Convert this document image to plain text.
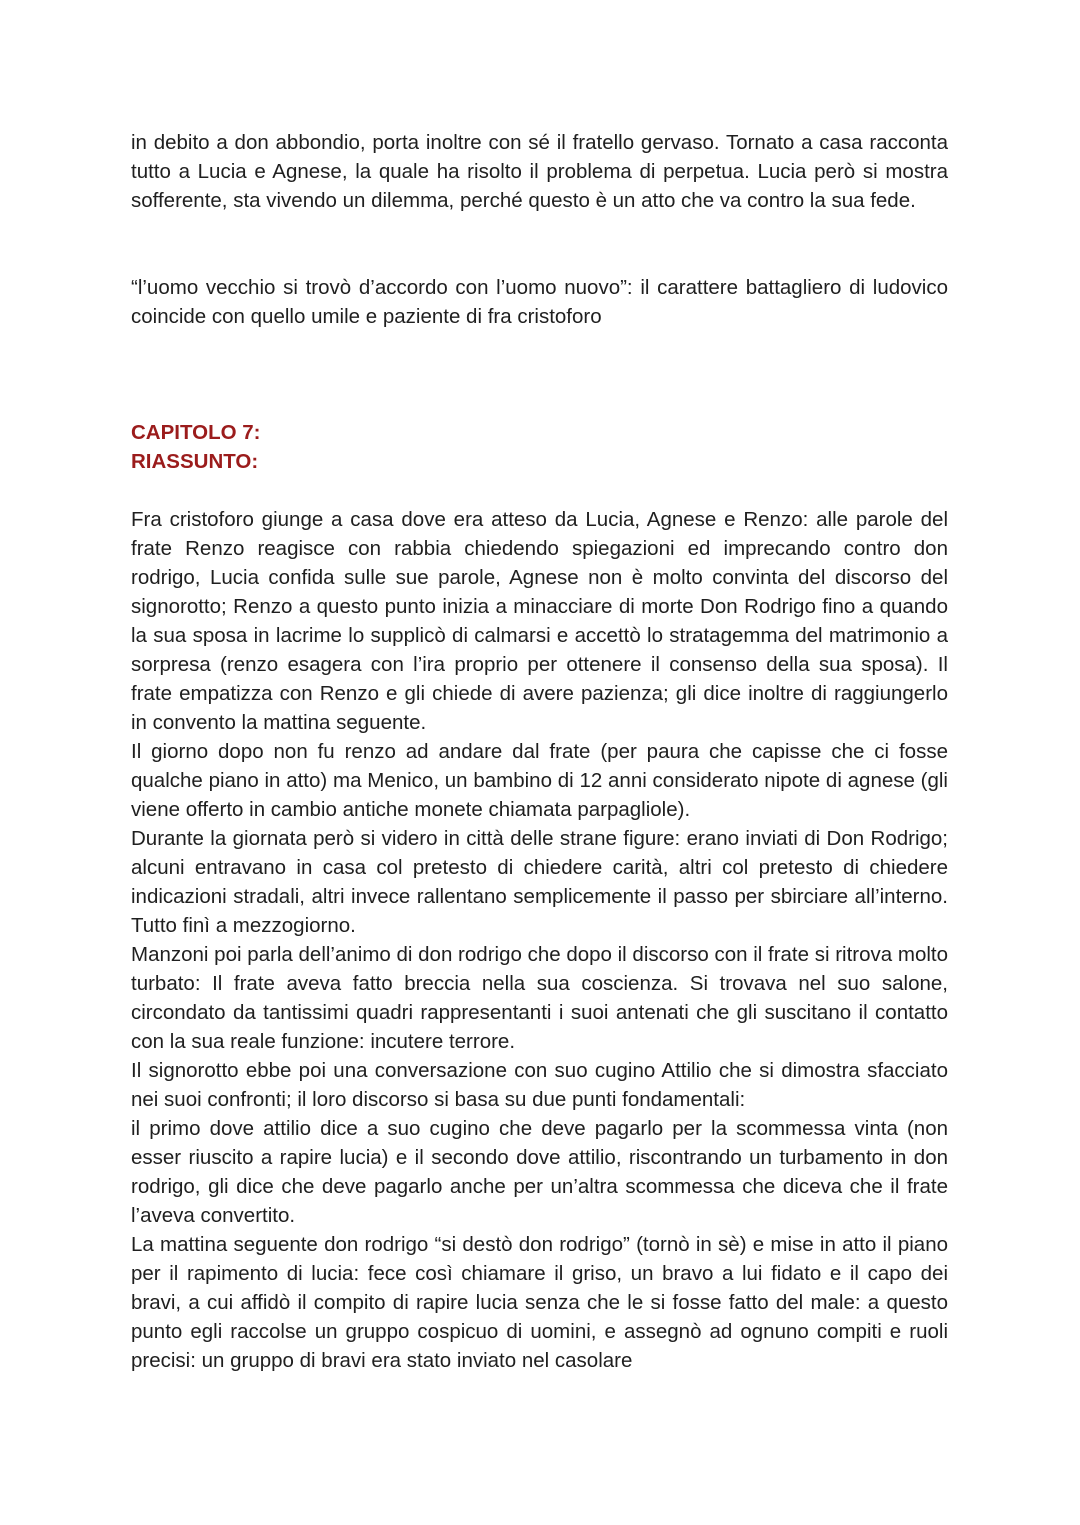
in debito a don abbondio, porta inoltre con sé il fratello gervaso. Tornato a casa racconta tutto a Lucia e Agnese, la quale ha risolto il problema di perpetua. Lucia però si mostra sofferente, sta vivendo un dilemma, perché questo è un atto che va contro la sua fede.

“l’uomo vecchio si trovò d’accordo con l’uomo nuovo”: il carattere battagliero di ludovico coincide con quello umile e paziente di fra cristoforo

CAPITOLO 7:

RIASSUNTO:

Fra cristoforo giunge a casa dove era atteso da Lucia, Agnese e Renzo: alle parole del frate Renzo reagisce con rabbia chiedendo spiegazioni ed imprecando contro don rodrigo, Lucia confida sulle sue parole, Agnese non è molto convinta del discorso del signorotto; Renzo a questo punto inizia a minacciare di morte Don Rodrigo fino a quando la sua sposa in lacrime lo supplicò di calmarsi e accettò lo stratagemma del matrimonio a sorpresa (renzo esagera con l’ira proprio per ottenere il consenso della sua sposa). Il frate empatizza con Renzo e gli chiede di avere pazienza; gli dice inoltre di raggiungerlo in convento la mattina seguente.

Il giorno dopo non fu renzo ad andare dal frate (per paura che capisse che ci fosse qualche piano in atto) ma Menico, un bambino di 12 anni considerato nipote di agnese (gli viene offerto in cambio antiche monete chiamata parpagliole).

Durante la giornata però si videro in città delle strane figure: erano inviati di Don Rodrigo; alcuni entravano in casa col pretesto di chiedere carità, altri col pretesto di chiedere indicazioni stradali, altri invece rallentano semplicemente il passo per sbirciare all’interno. Tutto finì a mezzogiorno.

Manzoni poi parla dell’animo di don rodrigo che dopo il discorso con il frate si ritrova molto turbato: Il frate aveva fatto breccia nella sua coscienza. Si trovava nel suo salone, circondato da tantissimi quadri rappresentanti i suoi antenati che gli suscitano il contatto con la sua reale funzione: incutere terrore.

Il signorotto ebbe poi una conversazione con suo cugino Attilio che si dimostra sfacciato nei suoi confronti; il loro discorso si basa su due punti fondamentali:

il primo dove attilio dice a suo cugino che deve pagarlo per la scommessa vinta (non esser riuscito a rapire lucia) e il secondo dove attilio, riscontrando un turbamento in don rodrigo, gli dice che deve pagarlo anche per un’altra scommessa che diceva che il frate l’aveva convertito.

La mattina seguente don rodrigo “si destò don rodrigo” (tornò in sè) e mise in atto il piano per il rapimento di lucia: fece così chiamare il griso, un bravo a lui fidato e il capo dei bravi, a cui affidò il compito di rapire lucia senza che le si fosse fatto del male: a questo punto egli raccolse un gruppo cospicuo di uomini, e assegnò ad ognuno compiti e ruoli precisi: un gruppo di bravi era stato inviato nel casolare
